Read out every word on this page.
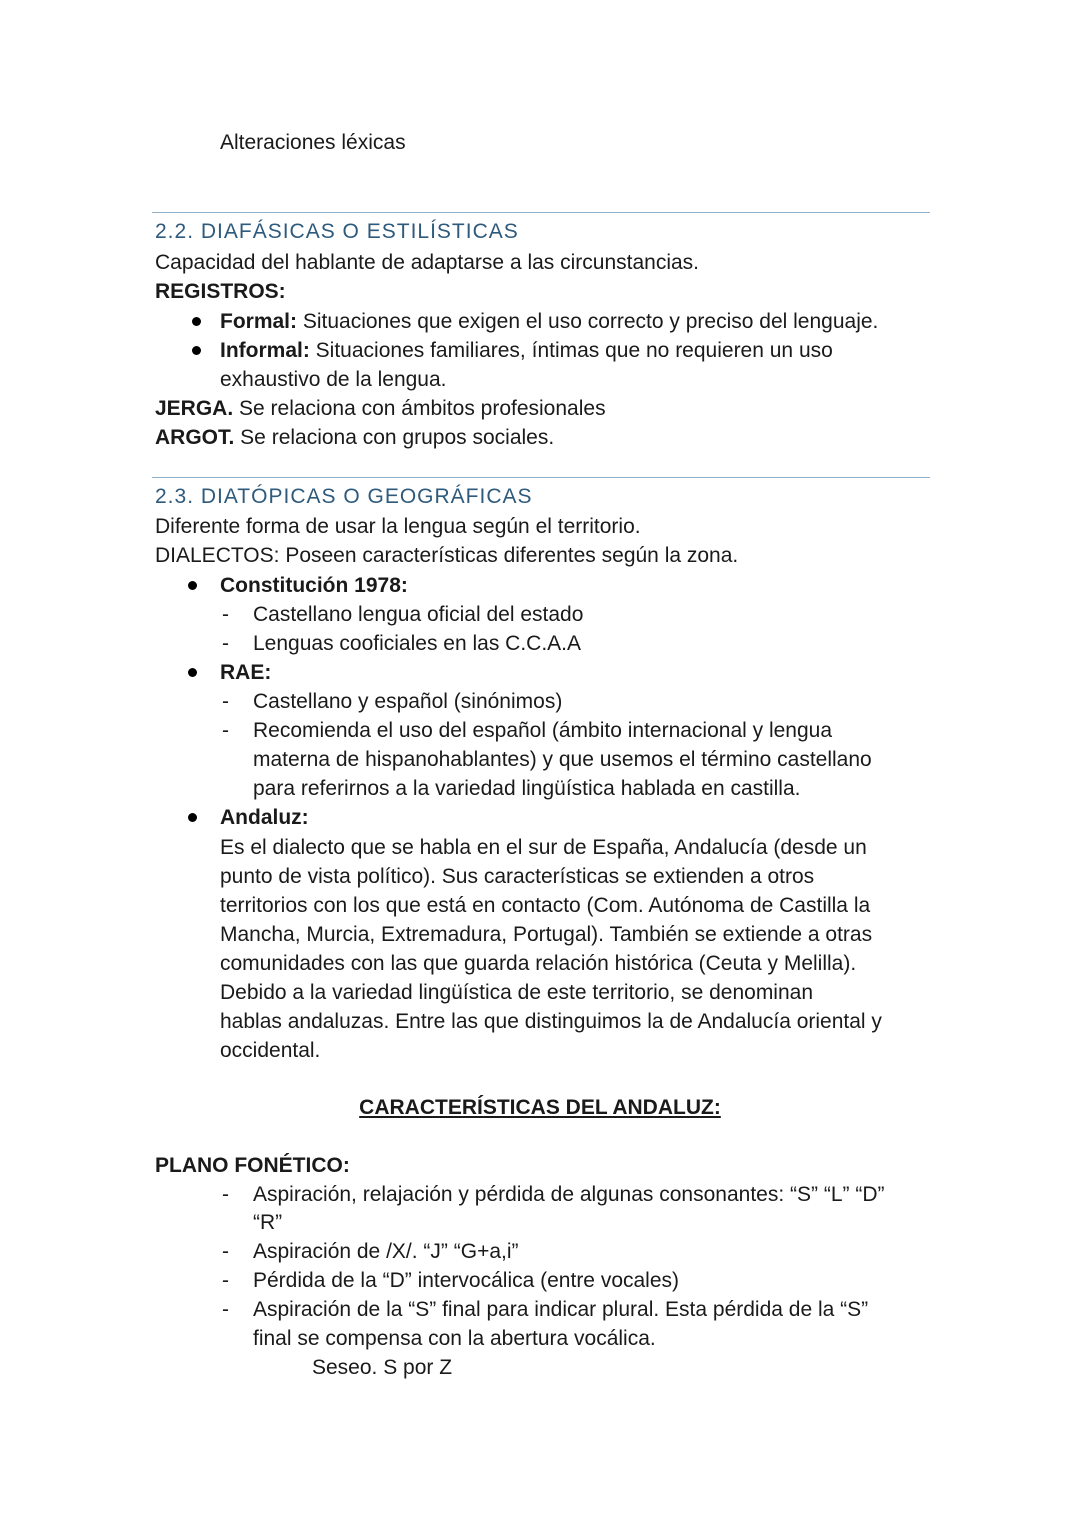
Alteraciones léxicas
2.2. DIAFÁSICAS O ESTILÍSTICAS
Capacidad del hablante de adaptarse a las circunstancias.
REGISTROS:
Formal: Situaciones que exigen el uso correcto y preciso del lenguaje.
Informal: Situaciones familiares, íntimas que no requieren un uso
exhaustivo de la lengua.
JERGA. Se relaciona con ámbitos profesionales
ARGOT. Se relaciona con grupos sociales.
2.3. DIATÓPICAS O GEOGRÁFICAS
Diferente forma de usar la lengua según el territorio.
DIALECTOS: Poseen características diferentes según la zona.
Constitución 1978:
- Castellano lengua oficial del estado
- Lenguas cooficiales en las C.C.A.A
RAE:
- Castellano y español (sinónimos)
- Recomienda el uso del español (ámbito internacional y lengua
materna de hispanohablantes) y que usemos el término castellano
para referirnos a la variedad lingüística hablada en castilla.
Andaluz:
Es el dialecto que se habla en el sur de España, Andalucía (desde un
punto de vista político). Sus características se extienden a otros
territorios con los que está en contacto (Com. Autónoma de Castilla la
Mancha, Murcia, Extremadura, Portugal). También se extiende a otras
comunidades con las que guarda relación histórica (Ceuta y Melilla).
Debido a la variedad lingüística de este territorio, se denominan
hablas andaluzas. Entre las que distinguimos la de Andalucía oriental y
occidental.
CARACTERÍSTICAS DEL ANDALUZ:
PLANO FONÉTICO:
- Aspiración, relajación y pérdida de algunas consonantes: “S” “L” “D”
“R”
- Aspiración de /X/. “J” “G+a,i”
- Pérdida de la “D” intervocálica (entre vocales)
- Aspiración de la “S” final para indicar plural. Esta pérdida de la “S”
final se compensa con la abertura vocálica.
Seseo. S por Z
